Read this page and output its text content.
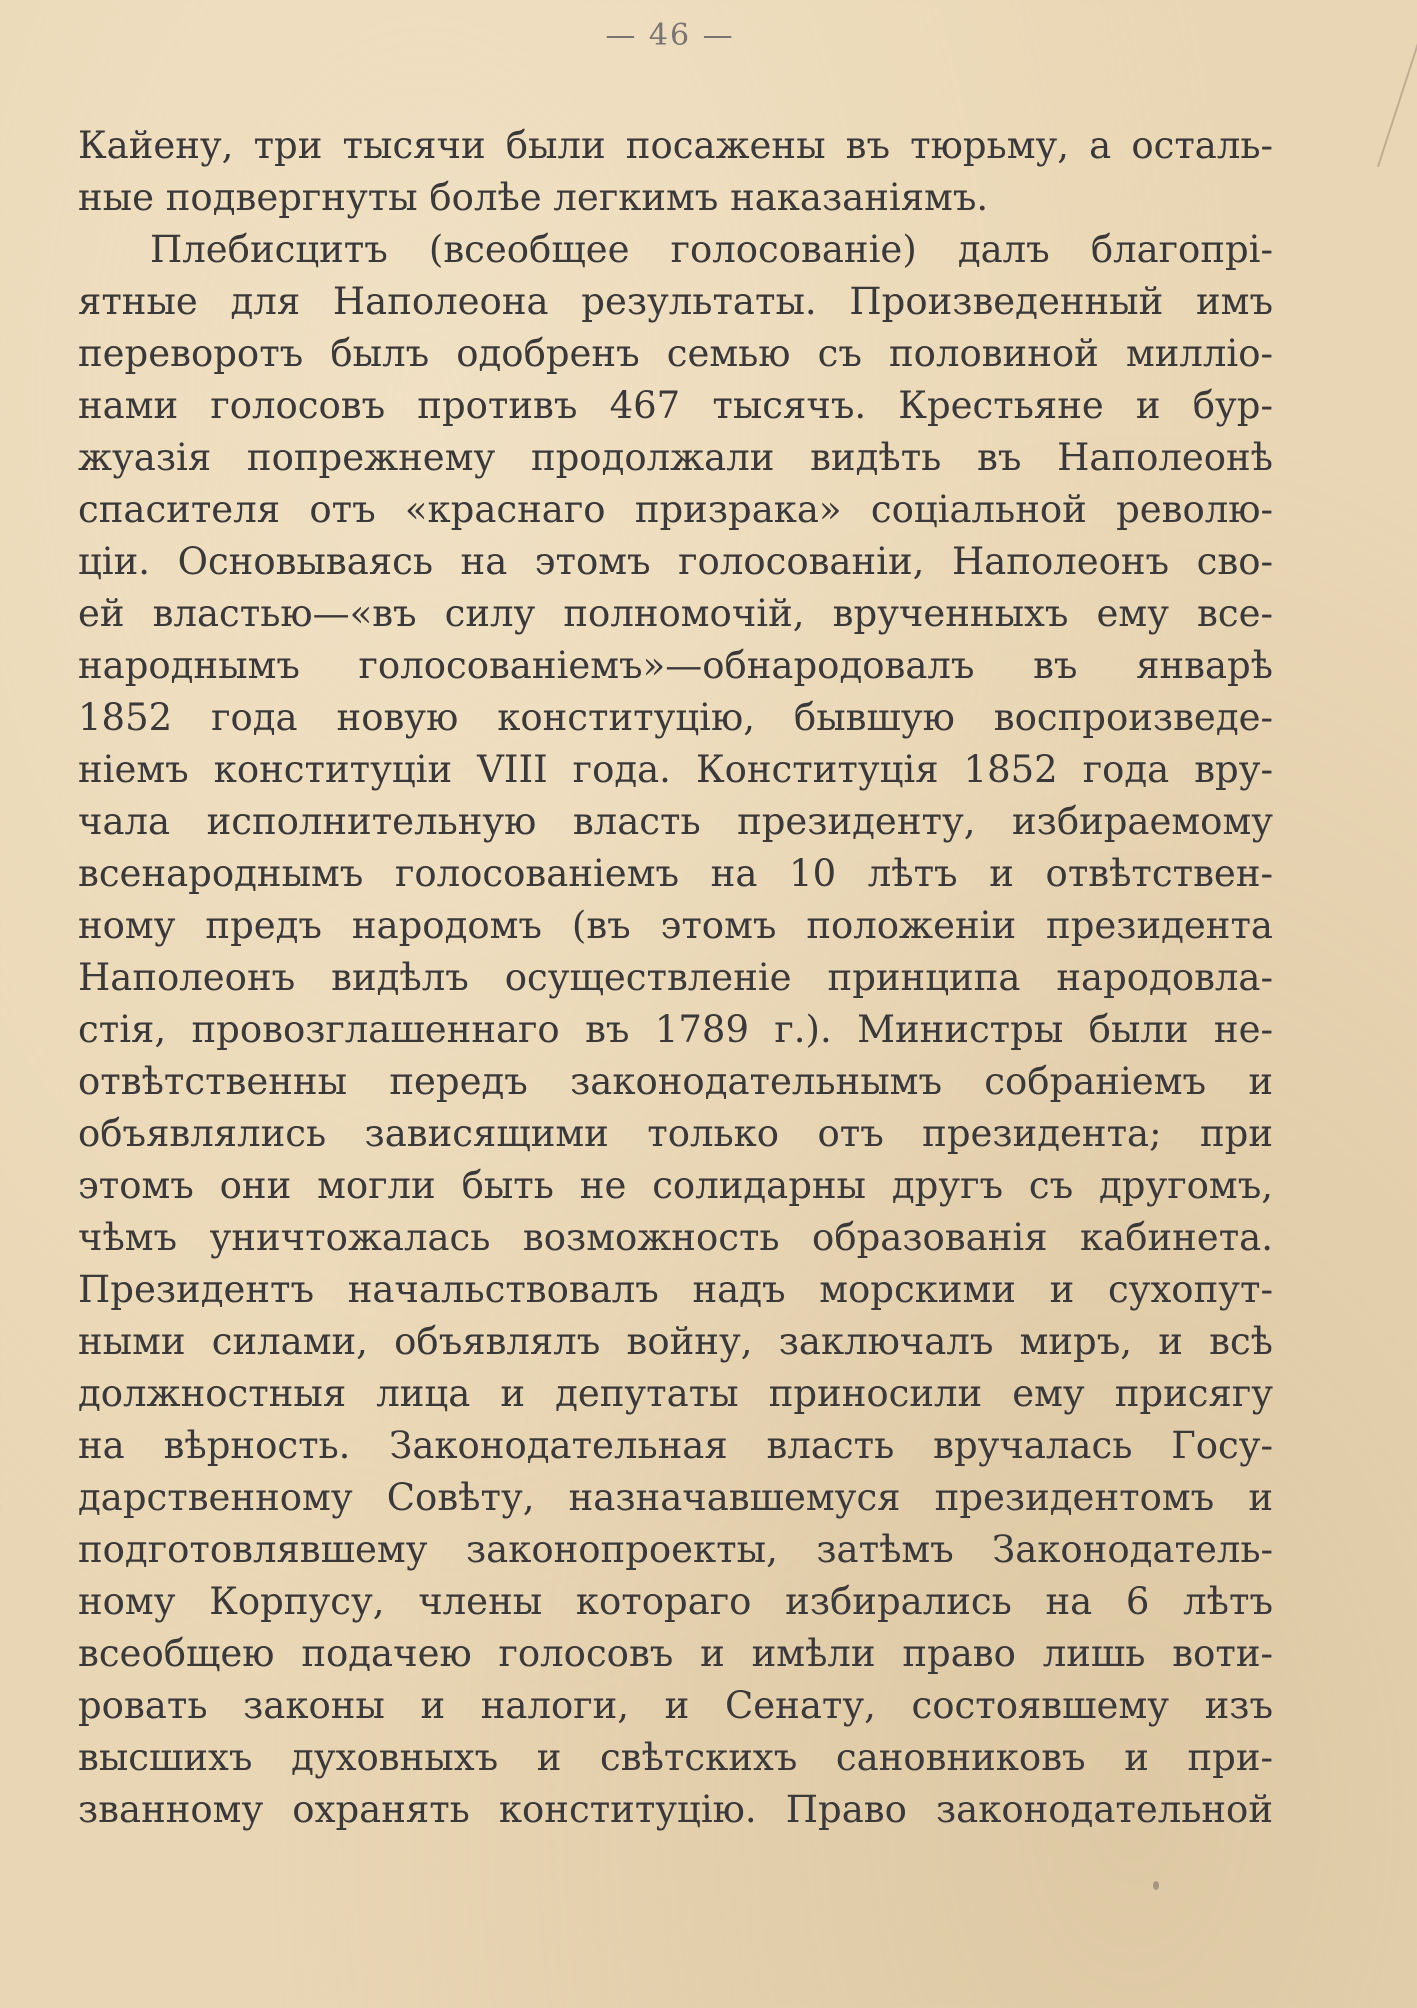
— 46 —
Кайену, три тысячи были посажены въ тюрьму, а осталь-
ные подвергнуты болѣе легкимъ наказаніямъ.
Плебисцитъ (всеобщее голосованіе) далъ благопрі-
ятные для Наполеона результаты. Произведенный имъ
переворотъ былъ одобренъ семью съ половиной милліо-
нами голосовъ противъ 467 тысячъ. Крестьяне и бур-
жуазія попрежнему продолжали видѣть въ Наполеонѣ
спасителя отъ «краснаго призрака» соціальной револю-
ціи. Основываясь на этомъ голосованіи, Наполеонъ сво-
ей властью—«въ силу полномочій, врученныхъ ему все-
народнымъ голосованіемъ»—обнародовалъ въ январѣ
1852 года новую конституцію, бывшую воспроизведе-
ніемъ конституціи VIII года. Конституція 1852 года вру-
чала исполнительную власть президенту, избираемому
всенароднымъ голосованіемъ на 10 лѣтъ и отвѣтствен-
ному предъ народомъ (въ этомъ положеніи президента
Наполеонъ видѣлъ осуществленіе принципа народовла-
стія, провозглашеннаго въ 1789 г.). Министры были не-
отвѣтственны передъ законодательнымъ собраніемъ и
объявлялись зависящими только отъ президента; при
этомъ они могли быть не солидарны другъ съ другомъ,
чѣмъ уничтожалась возможность образованія кабинета.
Президентъ начальствовалъ надъ морскими и сухопут-
ными силами, объявлялъ войну, заключалъ миръ, и всѣ
должностныя лица и депутаты приносили ему присягу
на вѣрность. Законодательная власть вручалась Госу-
дарственному Совѣту, назначавшемуся президентомъ и
подготовлявшему законопроекты, затѣмъ Законодатель-
ному Корпусу, члены котораго избирались на 6 лѣтъ
всеобщею подачею голосовъ и имѣли право лишь воти-
ровать законы и налоги, и Сенату, состоявшему изъ
высшихъ духовныхъ и свѣтскихъ сановниковъ и при-
званному охранять конституцію. Право законодательной
